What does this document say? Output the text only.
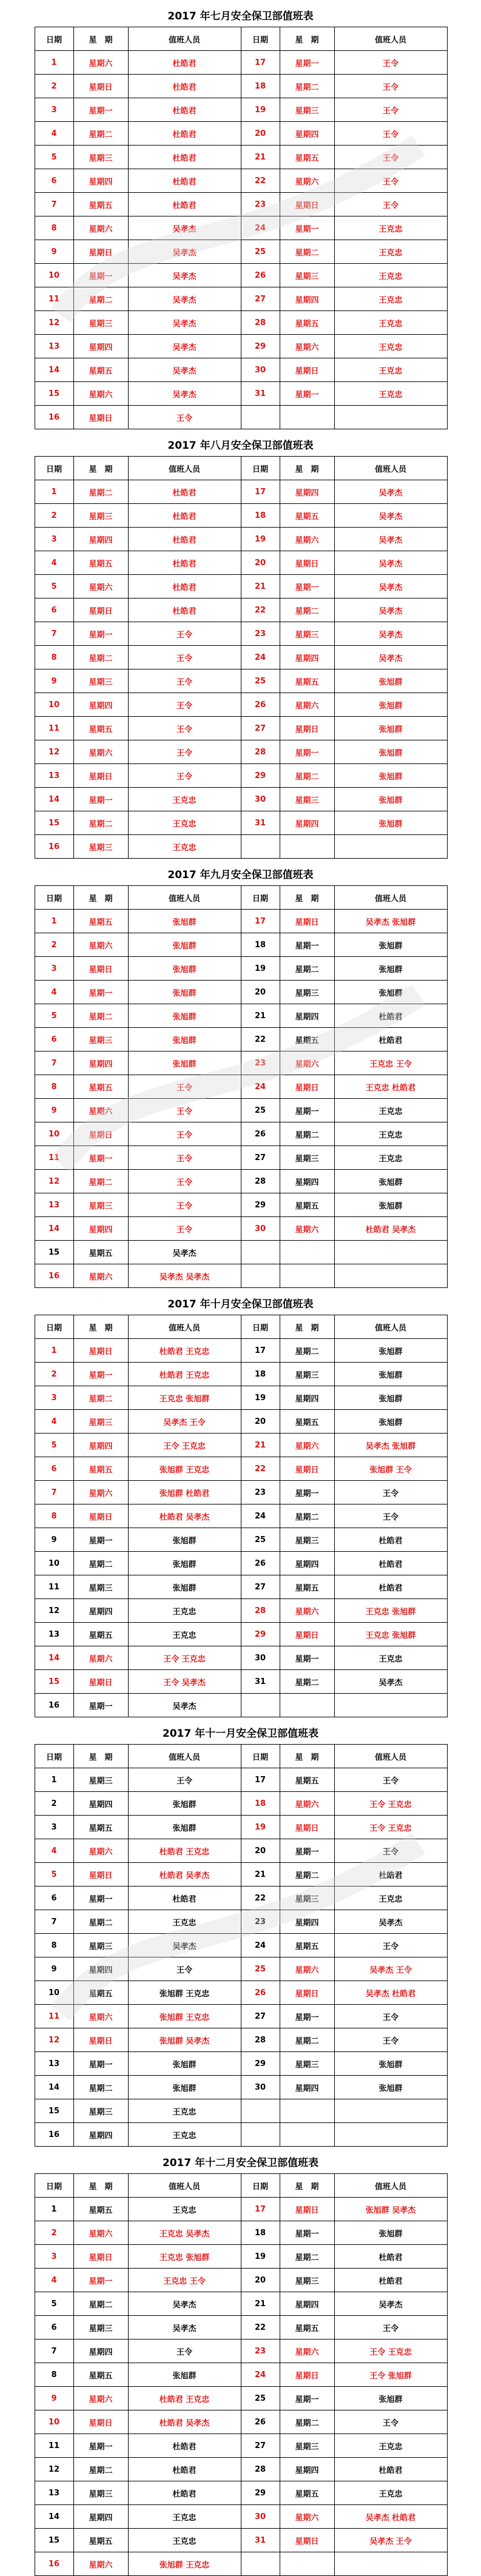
2017 年七月安全保卫部值班表
日期	星　期	值班人员	日期	星　期	值班人员
1	星期六	杜皓君	17	星期一	王令
2	星期日	杜皓君	18	星期二	王令
3	星期一	杜皓君	19	星期三	王令
4	星期二	杜皓君	20	星期四	王令
5	星期三	杜皓君	21	星期五	王令
6	星期四	杜皓君	22	星期六	王令
7	星期五	杜皓君	23	星期日	王令
8	星期六	吴孝杰	24	星期一	王克忠
9	星期日	吴孝杰	25	星期二	王克忠
10	星期一	吴孝杰	26	星期三	王克忠
11	星期二	吴孝杰	27	星期四	王克忠
12	星期三	吴孝杰	28	星期五	王克忠
13	星期四	吴孝杰	29	星期六	王克忠
14	星期五	吴孝杰	30	星期日	王克忠
15	星期六	吴孝杰	31	星期一	王克忠
16	星期日	王令			
2017 年八月安全保卫部值班表
日期	星　期	值班人员	日期	星　期	值班人员
1	星期二	杜皓君	17	星期四	吴孝杰
2	星期三	杜皓君	18	星期五	吴孝杰
3	星期四	杜皓君	19	星期六	吴孝杰
4	星期五	杜皓君	20	星期日	吴孝杰
5	星期六	杜皓君	21	星期一	吴孝杰
6	星期日	杜皓君	22	星期二	吴孝杰
7	星期一	王令	23	星期三	吴孝杰
8	星期二	王令	24	星期四	吴孝杰
9	星期三	王令	25	星期五	张旭群
10	星期四	王令	26	星期六	张旭群
11	星期五	王令	27	星期日	张旭群
12	星期六	王令	28	星期一	张旭群
13	星期日	王令	29	星期二	张旭群
14	星期一	王克忠	30	星期三	张旭群
15	星期二	王克忠	31	星期四	张旭群
16	星期三	王克忠			
2017 年九月安全保卫部值班表
日期	星　期	值班人员	日期	星　期	值班人员
1	星期五	张旭群	17	星期日	吴孝杰 张旭群
2	星期六	张旭群	18	星期一	张旭群
3	星期日	张旭群	19	星期二	张旭群
4	星期一	张旭群	20	星期三	张旭群
5	星期二	张旭群	21	星期四	杜皓君
6	星期三	张旭群	22	星期五	杜皓君
7	星期四	张旭群	23	星期六	王克忠 王令
8	星期五	王令	24	星期日	王克忠 杜皓君
9	星期六	王令	25	星期一	王克忠
10	星期日	王令	26	星期二	王克忠
11	星期一	王令	27	星期三	王克忠
12	星期二	王令	28	星期四	张旭群
13	星期三	王令	29	星期五	张旭群
14	星期四	王令	30	星期六	杜皓君 吴孝杰
15	星期五	吴孝杰			
16	星期六	吴孝杰 吴孝杰			
2017 年十月安全保卫部值班表
日期	星　期	值班人员	日期	星　期	值班人员
1	星期日	杜皓君 王克忠	17	星期二	张旭群
2	星期一	杜皓君 王克忠	18	星期三	张旭群
3	星期二	王克忠 张旭群	19	星期四	张旭群
4	星期三	吴孝杰 王令	20	星期五	张旭群
5	星期四	王令 王克忠	21	星期六	吴孝杰 张旭群
6	星期五	张旭群 王克忠	22	星期日	张旭群 王令
7	星期六	张旭群 杜皓君	23	星期一	王令
8	星期日	杜皓君 吴孝杰	24	星期二	王令
9	星期一	张旭群	25	星期三	杜皓君
10	星期二	张旭群	26	星期四	杜皓君
11	星期三	张旭群	27	星期五	杜皓君
12	星期四	王克忠	28	星期六	王克忠 张旭群
13	星期五	王克忠	29	星期日	王克忠 张旭群
14	星期六	王令 王克忠	30	星期一	王克忠
15	星期日	王令 吴孝杰	31	星期二	吴孝杰
16	星期一	吴孝杰			
2017 年十一月安全保卫部值班表
日期	星　期	值班人员	日期	星　期	值班人员
1	星期三	王令	17	星期五	王令
2	星期四	张旭群	18	星期六	王令 王克忠
3	星期五	张旭群	19	星期日	王令 王克忠
4	星期六	杜皓君 王克忠	20	星期一	王令
5	星期日	杜皓君 吴孝杰	21	星期二	杜皓君
6	星期一	杜皓君	22	星期三	王克忠
7	星期二	王克忠	23	星期四	吴孝杰
8	星期三	吴孝杰	24	星期五	王令
9	星期四	王令	25	星期六	吴孝杰 王令
10	星期五	张旭群 王克忠	26	星期日	吴孝杰 杜皓君
11	星期六	张旭群 王克忠	27	星期一	王令
12	星期日	张旭群 吴孝杰	28	星期二	王令
13	星期一	张旭群	29	星期三	张旭群
14	星期二	张旭群	30	星期四	张旭群
15	星期三	王克忠			
16	星期四	王克忠			
2017 年十二月安全保卫部值班表
日期	星　期	值班人员	日期	星　期	值班人员
1	星期五	王克忠	17	星期日	张旭群 吴孝杰
2	星期六	王克忠 吴孝杰	18	星期一	张旭群
3	星期日	王克忠 张旭群	19	星期二	杜皓君
4	星期一	王克忠 王令	20	星期三	杜皓君
5	星期二	吴孝杰	21	星期四	吴孝杰
6	星期三	吴孝杰	22	星期五	王令
7	星期四	王令	23	星期六	王令 王克忠
8	星期五	张旭群	24	星期日	王令 张旭群
9	星期六	杜皓君 王克忠	25	星期一	张旭群
10	星期日	杜皓君 吴孝杰	26	星期二	王令
11	星期一	杜皓君	27	星期三	王克忠
12	星期二	杜皓君	28	星期四	杜皓君
13	星期三	杜皓君	29	星期五	王克忠
14	星期四	王克忠	30	星期六	吴孝杰 杜皓君
15	星期五	王克忠	31	星期日	吴孝杰 王令
16	星期六	张旭群 王克忠			
